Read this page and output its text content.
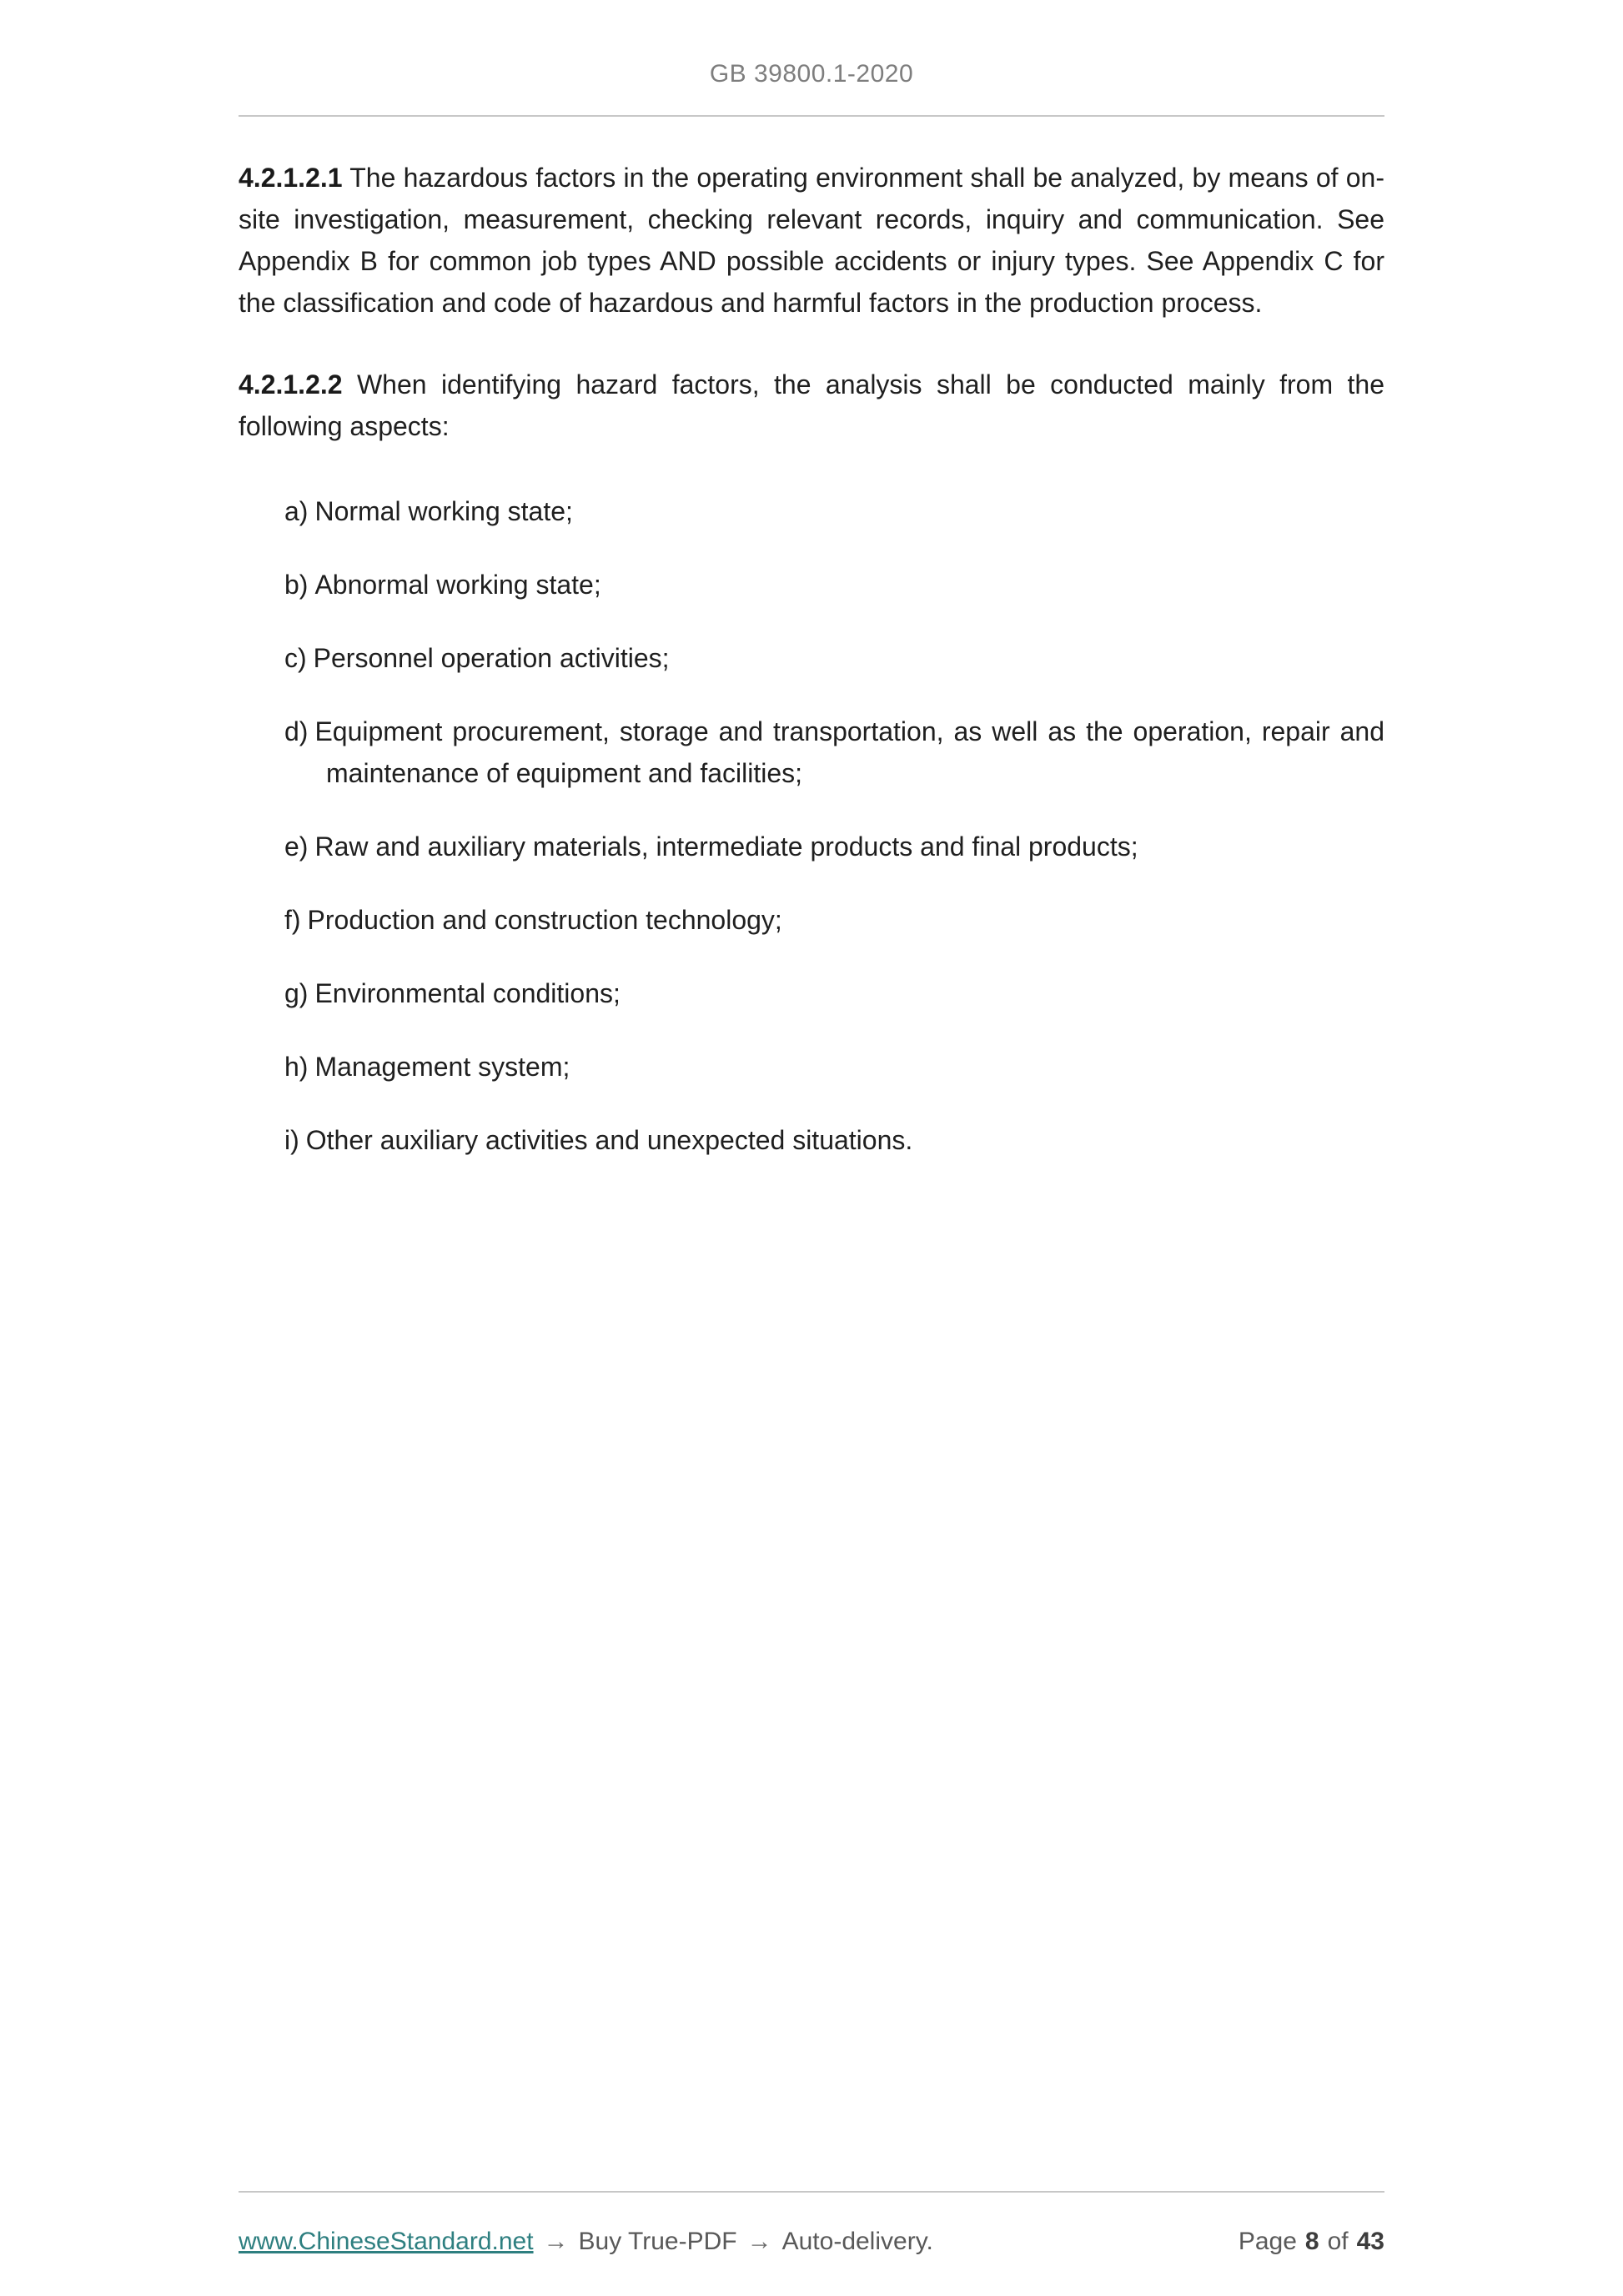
GB 39800.1-2020

4.2.1.2.1 The hazardous factors in the operating environment shall be analyzed, by means of on-site investigation, measurement, checking relevant records, inquiry and communication. See Appendix B for common job types AND possible accidents or injury types. See Appendix C for the classification and code of hazardous and harmful factors in the production process.

4.2.1.2.2 When identifying hazard factors, the analysis shall be conducted mainly from the following aspects:

a) Normal working state;
b) Abnormal working state;
c) Personnel operation activities;
d) Equipment procurement, storage and transportation, as well as the operation, repair and maintenance of equipment and facilities;
e) Raw and auxiliary materials, intermediate products and final products;
f) Production and construction technology;
g) Environmental conditions;
h) Management system;
i) Other auxiliary activities and unexpected situations.
www.ChineseStandard.net → Buy True-PDF → Auto-delivery.	Page 8 of 43
